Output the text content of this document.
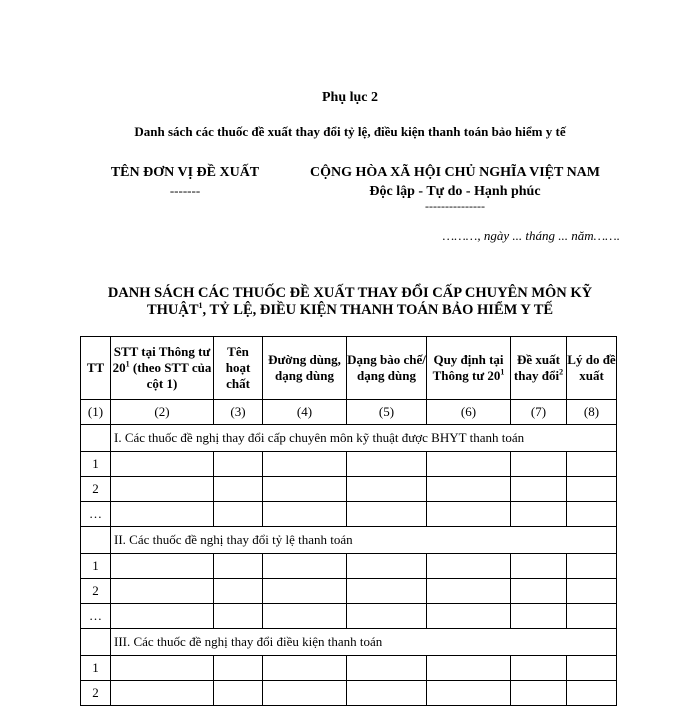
Phụ lục 2
Danh sách các thuốc đề xuất thay đổi tỷ lệ, điều kiện thanh toán bảo hiểm y tế
TÊN ĐƠN VỊ ĐỀ XUẤT
-------
CỘNG HÒA XÃ HỘI CHỦ NGHĨA VIỆT NAM
Độc lập - Tự do - Hạnh phúc
---------------
………, ngày ... tháng ... năm…….
DANH SÁCH CÁC THUỐC ĐỀ XUẤT THAY ĐỔI CẤP CHUYÊN MÔN KỸ
THUẬT$^1$, TỶ LỆ, ĐIỀU KIỆN THANH TOÁN BẢO HIỂM Y TẾ
TT	STT tại Thông tư $20^1$ (theo STT của cột 1)	Tên hoạt chất	Đường dùng, dạng dùng	Dạng bào chế/ dạng dùng	Quy định tại Thông tư $20^1$	Đề xuất thay đổi$^2$	Lý do đề xuất
(1)	(2)	(3)	(4)	(5)	(6)	(7)	(8)
	I. Các thuốc đề nghị thay đổi cấp chuyên môn kỹ thuật được BHYT thanh toán						
1							
2							
…							
	II. Các thuốc đề nghị thay đổi tỷ lệ thanh toán						
1							
2							
…							
	III. Các thuốc đề nghị thay đổi điều kiện thanh toán						
1							
2							
